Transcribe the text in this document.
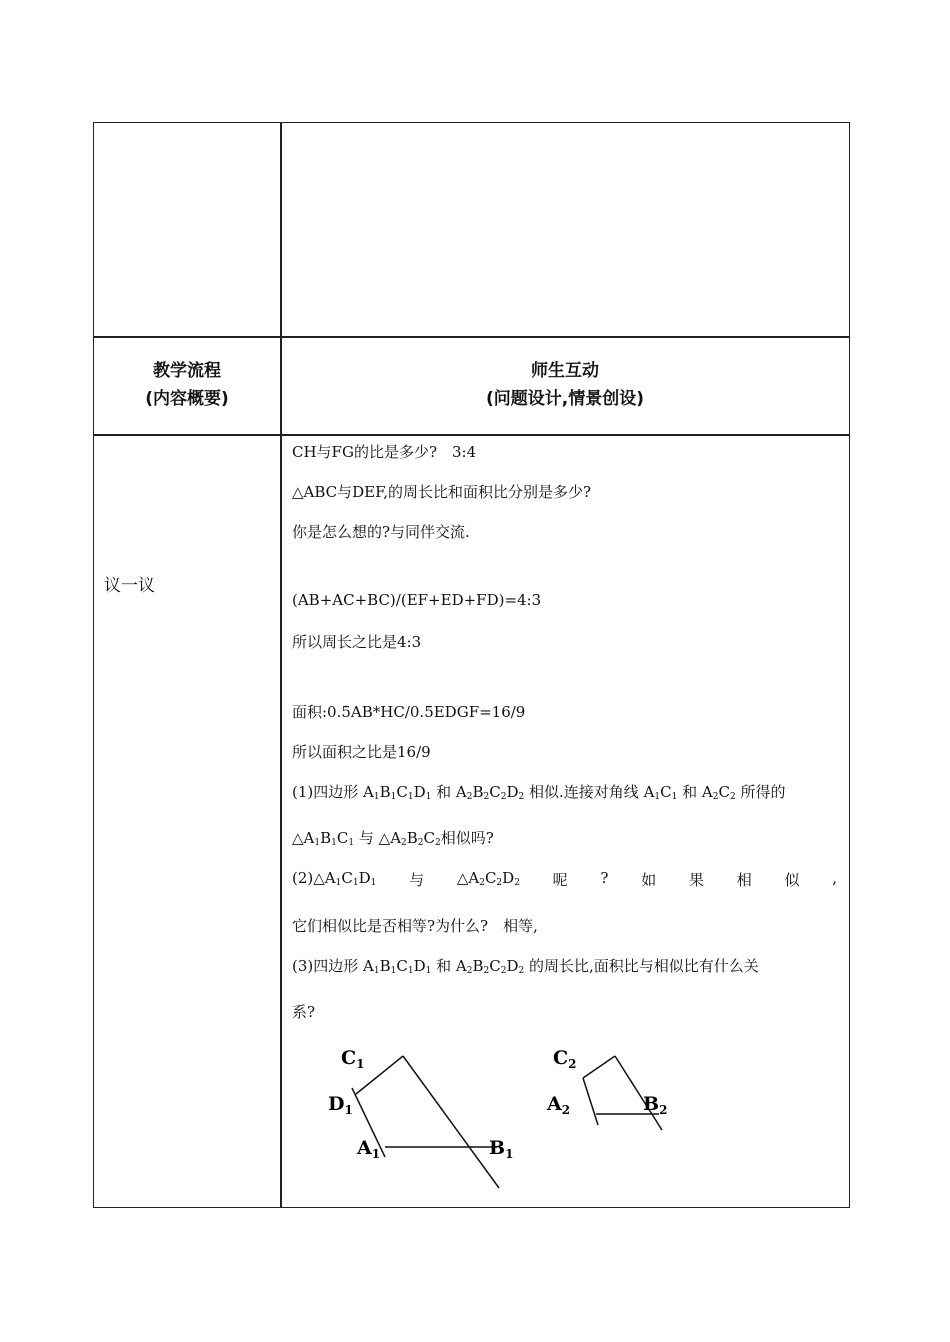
教学流程
(内容概要)
师生互动
(问题设计,情景创设)
议一议
CH与FG的比是多少?　3:4
△ABC与DEF,的周长比和面积比分别是多少?
你是怎么想的?与同伴交流.
(AB+AC+BC)/(EF+ED+FD)=4:3
所以周长之比是4:3
面积:0.5AB*HC/0.5EDGF=16/9
所以面积之比是16/9
(1)四边形 $A_1B_1C_1D_1$ 和 $A_2B_2C_2D_2$ 相似.连接对角线 $A_1C_1$ 和 $A_2C_2$ 所得的
$\triangle A_1B_1C_1$ 与 $\triangle A_2B_2C_2$相似吗?
$(2)\triangle A_1C_1D_1$ 与 $\triangle A_2C_2D_2$ 呢 ? 如 果 相 似 ,
它们相似比是否相等?为什么?　相等,
(3)四边形 $A_1B_1C_1D_1$ 和 $A_2B_2C_2D_2$ 的周长比,面积比与相似比有什么关
系?
$C_1$
$D_1$
$A_1$	$B_1$
$C_2$
$A_2$	$B_2$
